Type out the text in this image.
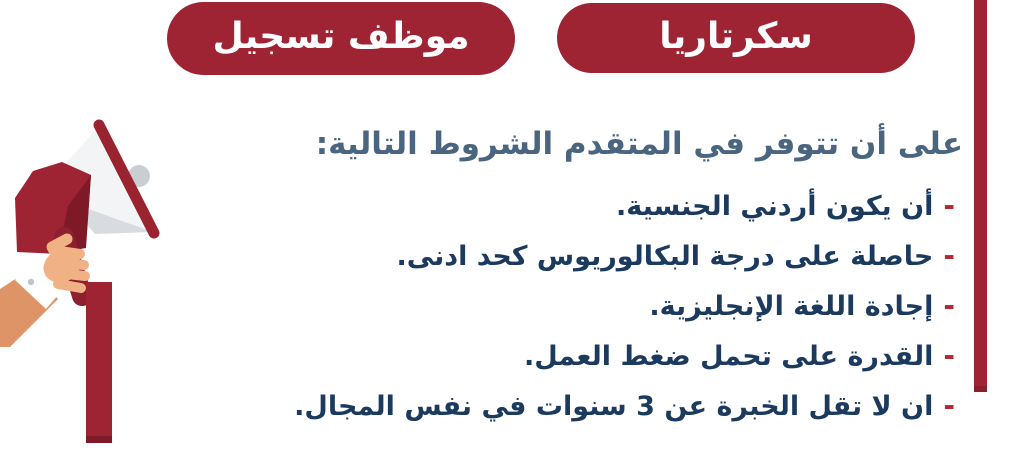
موظف تسجيل	سكرتاريا
على أن تتوفر في المتقدم الشروط التالية:
-
أن يكون أردني الجنسية.
-
حاصلة على درجة البكالوريوس كحد ادنى.
-
إجادة اللغة الإنجليزية.
-
القدرة على تحمل ضغط العمل.
-
ان لا تقل الخبرة عن 3 سنوات في نفس المجال.
